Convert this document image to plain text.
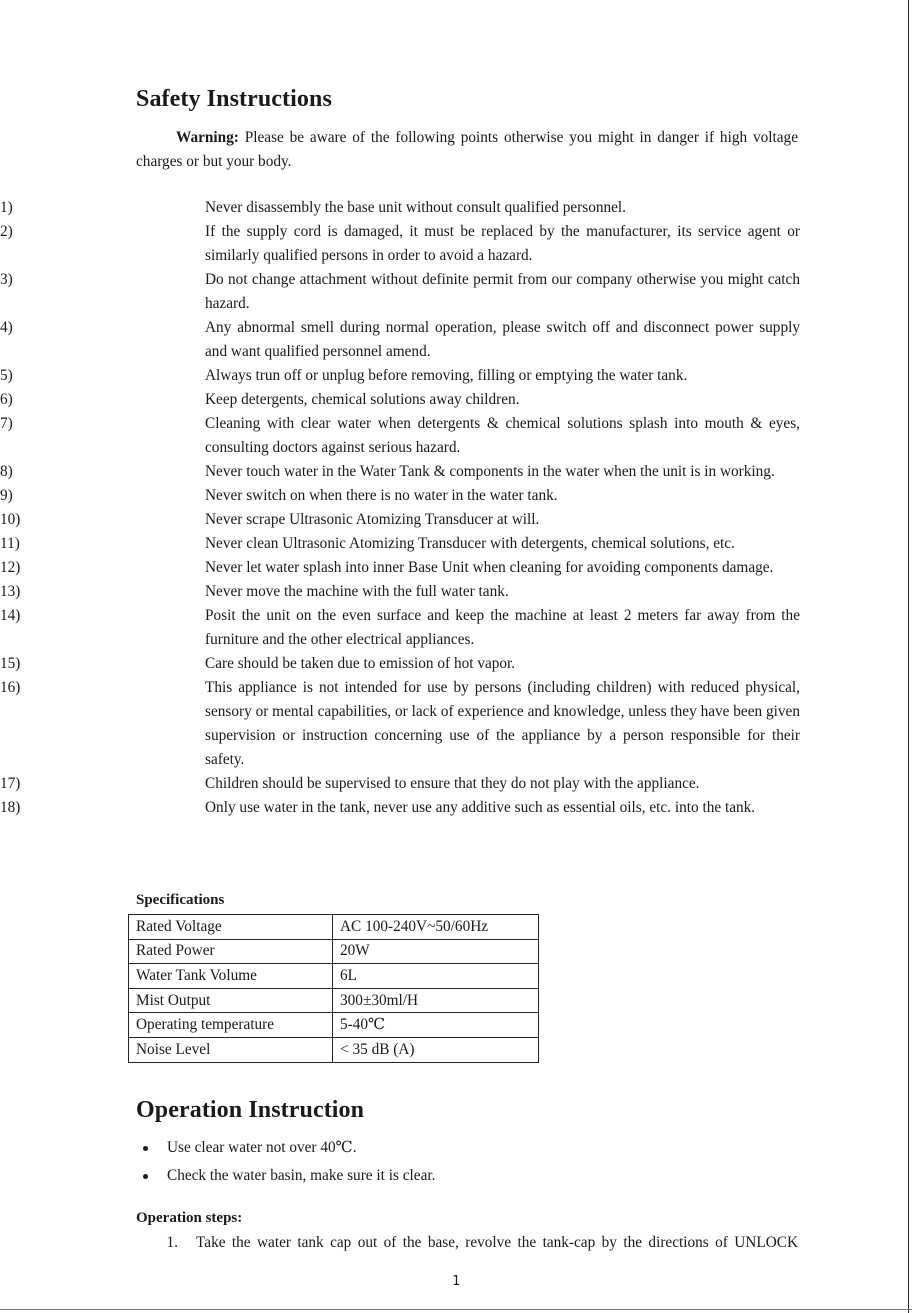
Safety Instructions

Warning: Please be aware of the following points otherwise you might in danger if high voltage charges or but your body.

1)	Never disassembly the base unit without consult qualified personnel.
2)	If the supply cord is damaged, it must be replaced by the manufacturer, its service agent or similarly qualified persons in order to avoid a hazard.
3)	Do not change attachment without definite permit from our company otherwise you might catch hazard.
4)	Any abnormal smell during normal operation, please switch off and disconnect power supply and want qualified personnel amend.
5)	Always trun off or unplug before removing, filling or emptying the water tank.
6)	Keep detergents, chemical solutions away children.
7)	Cleaning with clear water when detergents & chemical solutions splash into mouth & eyes, consulting doctors against serious hazard.
8)	Never touch water in the Water Tank & components in the water when the unit is in working.
9)	Never switch on when there is no water in the water tank.
10)	Never scrape Ultrasonic Atomizing Transducer at will.
11)	Never clean Ultrasonic Atomizing Transducer with detergents, chemical solutions, etc.
12)	Never let water splash into inner Base Unit when cleaning for avoiding components damage.
13)	Never move the machine with the full water tank.
14)	Posit the unit on the even surface and keep the machine at least 2 meters far away from the furniture and the other electrical appliances.
15)	Care should be taken due to emission of hot vapor.
16)	This appliance is not intended for use by persons (including children) with reduced physical, sensory or mental capabilities, or lack of experience and knowledge, unless they have been given supervision or instruction concerning use of the appliance by a person responsible for their safety.
17)	Children should be supervised to ensure that they do not play with the appliance.
18)	Only use water in the tank, never use any additive such as essential oils, etc. into the tank.
Specifications
Rated Voltage	AC 100-240V~50/60Hz
Rated Power	20W
Water Tank Volume	6L
Mist Output	300±30ml/H
Operating temperature	5-40℃
Noise Level	< 35 dB (A)
Operation Instruction
Use clear water not over 40℃.
Check the water basin, make sure it is clear.
Operation steps:
1. Take the water tank cap out of the base, revolve the tank-cap by the directions of UNLOCK
1
